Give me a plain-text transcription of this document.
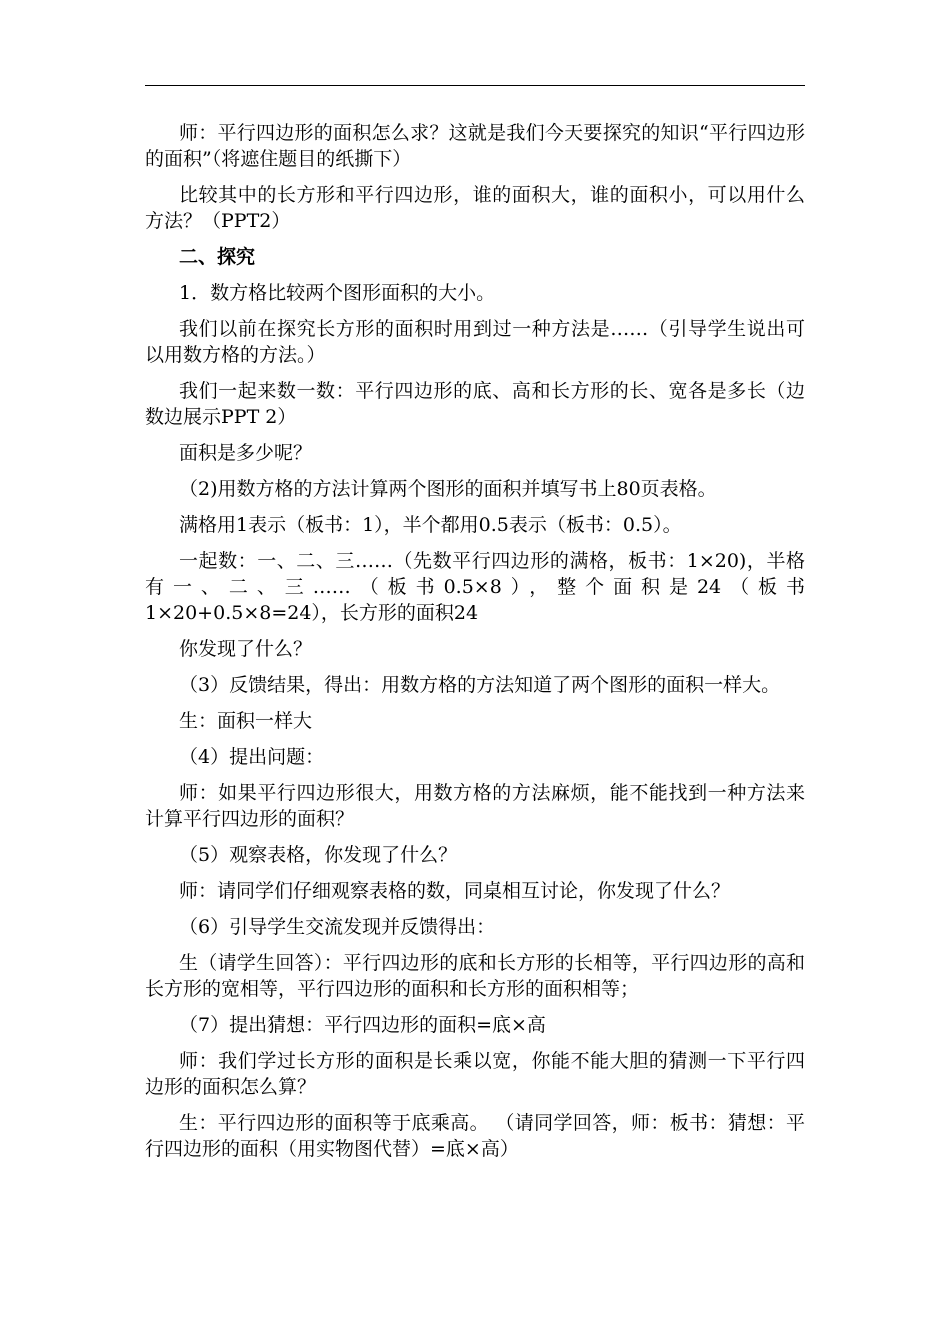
师：平行四边形的面积怎么求？这就是我们今天要探究的知识“平行四边形的面积”（将遮住题目的纸撕下）

比较其中的长方形和平行四边形，谁的面积大，谁的面积小，可以用什么方法？（PPT2）

二、探究

1．数方格比较两个图形面积的大小。

我们以前在探究长方形的面积时用到过一种方法是……（引导学生说出可以用数方格的方法。）

我们一起来数一数：平行四边形的底、高和长方形的长、宽各是多长（边数边展示PPT 2）

面积是多少呢？

（2)用数方格的方法计算两个图形的面积并填写书上80页表格。

满格用1表示（板书：1），半个都用0.5表示（板书：0.5）。

一起数：一、二、三……（先数平行四边形的满格，板书：1×20)，半格有一、二、三……（板书0.5×8），整个面积是24（板书1×20+0.5×8=24），长方形的面积24

你发现了什么？

（3）反馈结果，得出：用数方格的方法知道了两个图形的面积一样大。

生：面积一样大

（4）提出问题：

师：如果平行四边形很大，用数方格的方法麻烦，能不能找到一种方法来计算平行四边形的面积？

（5）观察表格，你发现了什么？

师：请同学们仔细观察表格的数，同桌相互讨论，你发现了什么？

（6）引导学生交流发现并反馈得出：

生（请学生回答）：平行四边形的底和长方形的长相等，平行四边形的高和长方形的宽相等，平行四边形的面积和长方形的面积相等；

（7）提出猜想：平行四边形的面积=底×高

师：我们学过长方形的面积是长乘以宽，你能不能大胆的猜测一下平行四边形的面积怎么算？

生：平行四边形的面积等于底乘高。 （请同学回答，师：板书：猜想：平行四边形的面积（用实物图代替）=底×高）
